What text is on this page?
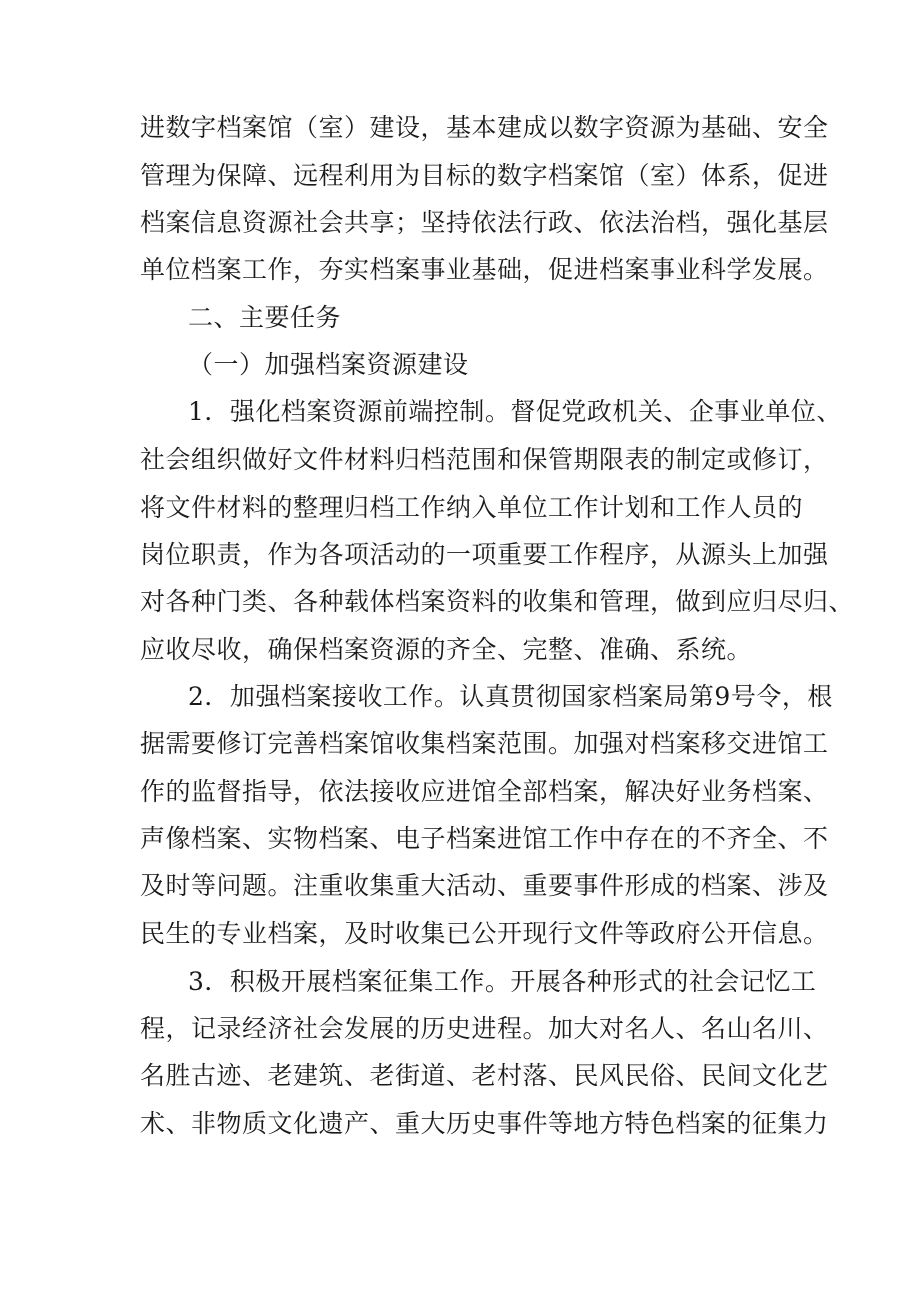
进数字档案馆（室）建设，基本建成以数字资源为基础、安全
管理为保障、远程利用为目标的数字档案馆（室）体系，促进
档案信息资源社会共享；坚持依法行政、依法治档，强化基层
单位档案工作，夯实档案事业基础，促进档案事业科学发展。
二、主要任务
（一）加强档案资源建设
1．强化档案资源前端控制。督促党政机关、企事业单位、
社会组织做好文件材料归档范围和保管期限表的制定或修订，
将文件材料的整理归档工作纳入单位工作计划和工作人员的
岗位职责，作为各项活动的一项重要工作程序，从源头上加强
对各种门类、各种载体档案资料的收集和管理，做到应归尽归、
应收尽收，确保档案资源的齐全、完整、准确、系统。
2．加强档案接收工作。认真贯彻国家档案局第9号令，根
据需要修订完善档案馆收集档案范围。加强对档案移交进馆工
作的监督指导，依法接收应进馆全部档案，解决好业务档案、
声像档案、实物档案、电子档案进馆工作中存在的不齐全、不
及时等问题。注重收集重大活动、重要事件形成的档案、涉及
民生的专业档案，及时收集已公开现行文件等政府公开信息。
3．积极开展档案征集工作。开展各种形式的社会记忆工
程，记录经济社会发展的历史进程。加大对名人、名山名川、
名胜古迹、老建筑、老街道、老村落、民风民俗、民间文化艺
术、非物质文化遗产、重大历史事件等地方特色档案的征集力
